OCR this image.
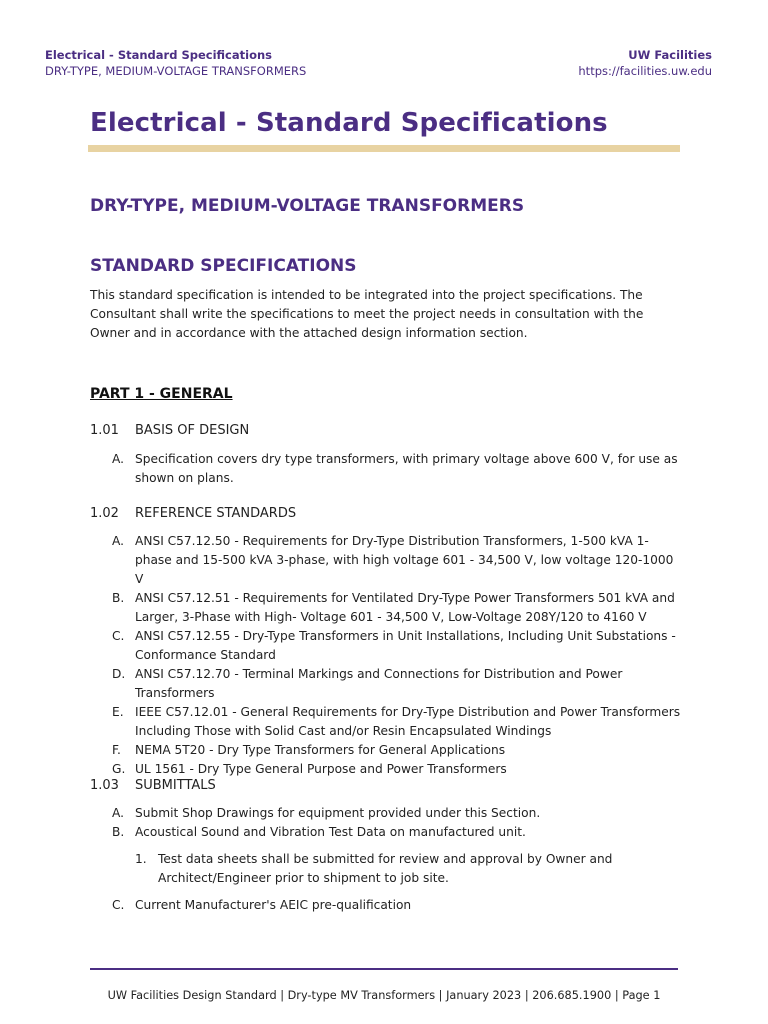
Electrical - Standard Specifications
DRY-TYPE, MEDIUM-VOLTAGE TRANSFORMERS
UW Facilities
https://facilities.uw.edu
Electrical - Standard Specifications
DRY-TYPE, MEDIUM-VOLTAGE TRANSFORMERS
STANDARD SPECIFICATIONS
This standard specification is intended to be integrated into the project specifications. The Consultant shall write the specifications to meet the project needs in consultation with the Owner and in accordance with the attached design information section.
PART 1 - GENERAL
1.01 BASIS OF DESIGN
A. Specification covers dry type transformers, with primary voltage above 600 V, for use as shown on plans.
1.02 REFERENCE STANDARDS
A. ANSI C57.12.50 - Requirements for Dry-Type Distribution Transformers, 1-500 kVA 1-phase and 15-500 kVA 3-phase, with high voltage 601 - 34,500 V, low voltage 120-1000 V
B. ANSI C57.12.51 - Requirements for Ventilated Dry-Type Power Transformers 501 kVA and Larger, 3-Phase with High- Voltage 601 - 34,500 V, Low-Voltage 208Y/120 to 4160 V
C. ANSI C57.12.55 - Dry-Type Transformers in Unit Installations, Including Unit Substations - Conformance Standard
D. ANSI C57.12.70 - Terminal Markings and Connections for Distribution and Power Transformers
E. IEEE C57.12.01 - General Requirements for Dry-Type Distribution and Power Transformers Including Those with Solid Cast and/or Resin Encapsulated Windings
F.	NEMA 5T20 - Dry Type Transformers for General Applications
G. UL 1561 - Dry Type General Purpose and Power Transformers
1.03 SUBMITTALS
A. Submit Shop Drawings for equipment provided under this Section.
B. Acoustical Sound and Vibration Test Data on manufactured unit.
1. Test data sheets shall be submitted for review and approval by Owner and Architect/Engineer prior to shipment to job site.
C. Current Manufacturer's AEIC pre-qualification
UW Facilities Design Standard | Dry-type MV Transformers | January 2023 | 206.685.1900 | Page 1
